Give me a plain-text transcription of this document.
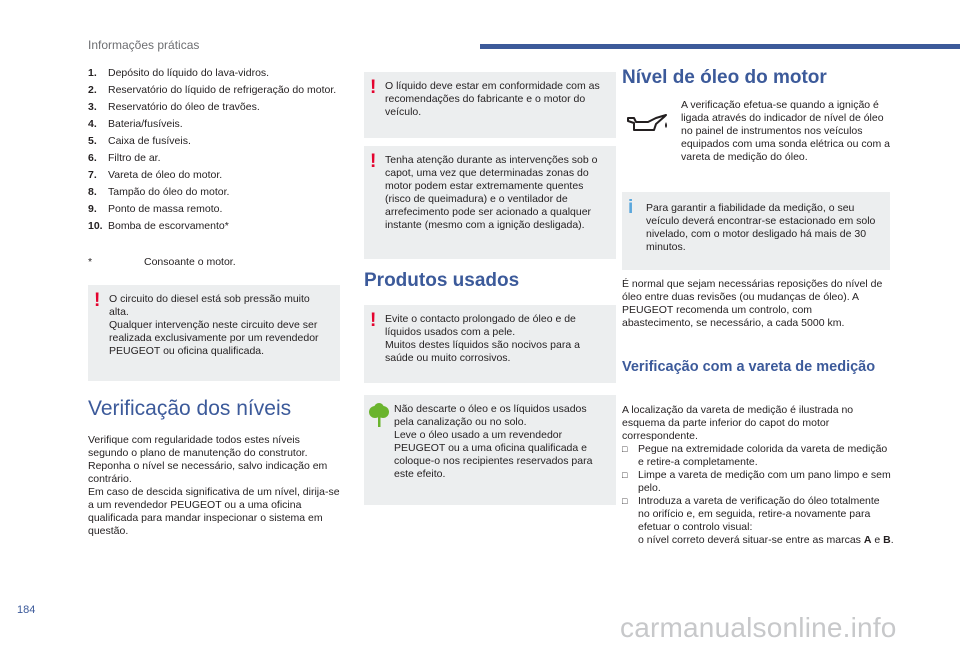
Informações práticas
1.	Depósito do líquido do lava-vidros.
2.	Reservatório do líquido de refrigeração do motor.
3.	Reservatório do óleo de travões.
4.	Bateria/fusíveis.
5.	Caixa de fusíveis.
6.	Filtro de ar.
7.	Vareta de óleo do motor.
8.	Tampão do óleo do motor.
9.	Ponto de massa remoto.
10. Bomba de escorvamento*
*	Consoante o motor.
! O circuito do diesel está sob pressão muito alta.
Qualquer intervenção neste circuito deve ser realizada exclusivamente por um revendedor PEUGEOT ou oficina qualificada.

Verificação dos níveis
Verifique com regularidade todos estes níveis segundo o plano de manutenção do construtor. Reponha o nível se necessário, salvo indicação em contrário.
Em caso de descida significativa de um nível, dirija-se a um revendedor PEUGEOT ou a uma oficina qualificada para mandar inspecionar o sistema em questão.
! O líquido deve estar em conformidade com as recomendações do fabricante e o motor do veículo.

! Tenha atenção durante as intervenções sob o capot, uma vez que determinadas zonas do motor podem estar extremamente quentes (risco de queimadura) e o ventilador de arrefecimento pode ser acionado a qualquer instante (mesmo com a ignição desligada).

Produtos usados
! Evite o contacto prolongado de óleo e de líquidos usados com a pele.
Muitos destes líquidos são nocivos para a saúde ou muito corrosivos.

Não descarte o óleo e os líquidos usados pela canalização ou no solo.
Leve o óleo usado a um revendedor PEUGEOT ou a uma oficina qualificada e coloque-o nos recipientes reservados para este efeito.

Nível de óleo do motor
A verificação efetua-se quando a ignição é ligada através do indicador de nível de óleo no painel de instrumentos nos veículos equipados com uma sonda elétrica ou com a vareta de medição do óleo.
i Para garantir a fiabilidade da medição, o seu veículo deverá encontrar-se estacionado em solo nivelado, com o motor desligado há mais de 30 minutos.

É normal que sejam necessárias reposições do nível de óleo entre duas revisões (ou mudanças de óleo). A PEUGEOT recomenda um controlo, com abastecimento, se necessário, a cada 5000 km.
Verificação com a vareta de medição
A localização da vareta de medição é ilustrada no esquema da parte inferior do capot do motor correspondente.
□	Pegue na extremidade colorida da vareta de medição e retire-a completamente.
□	Limpe a vareta de medição com um pano limpo e sem pelo.
□	Introduza a vareta de verificação do óleo totalmente no orifício e, em seguida, retire-a novamente para efetuar o controlo visual:
o nível correto deverá situar-se entre as marcas A e B.
184
carmanualsonline.info
